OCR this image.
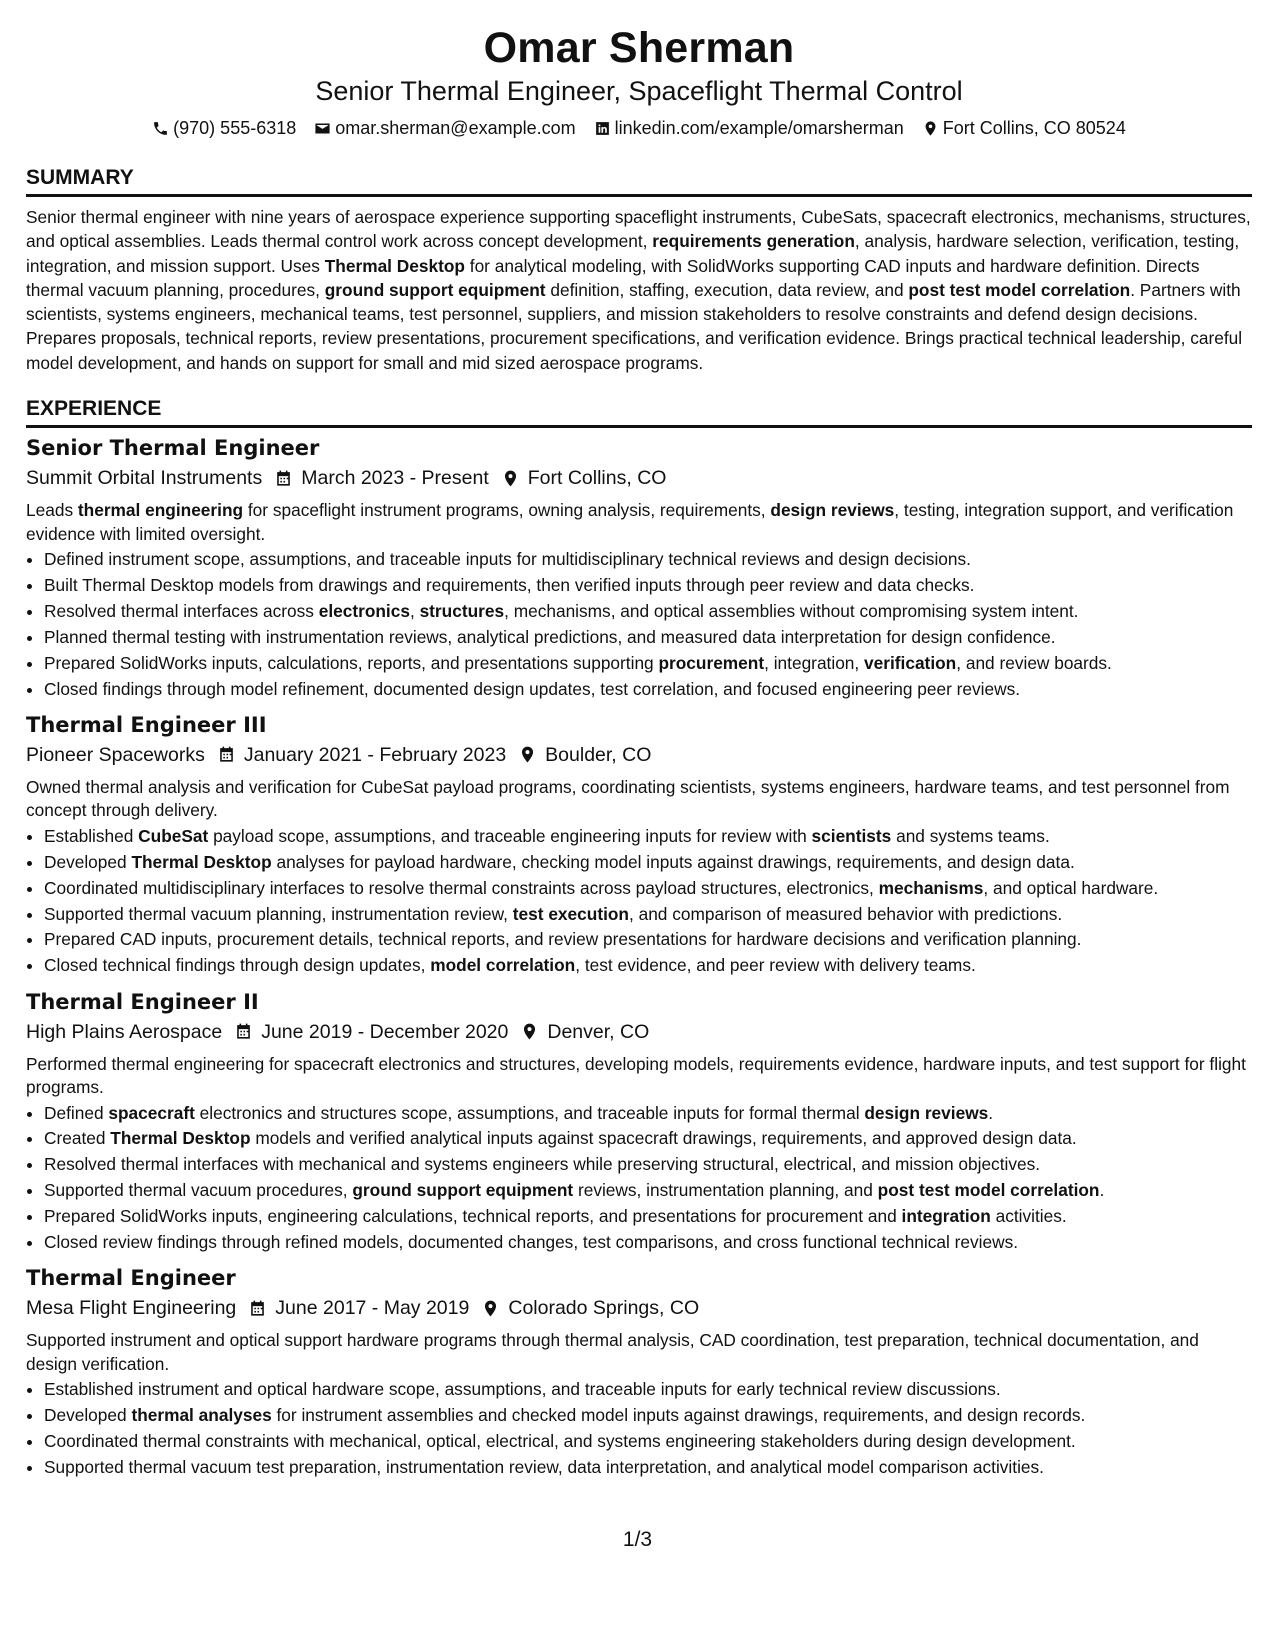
Omar Sherman
Senior Thermal Engineer, Spaceflight Thermal Control
(970) 555-6318 omar.sherman@example.com linkedin.com/example/omarsherman Fort Collins, CO 80524
SUMMARY
Senior thermal engineer with nine years of aerospace experience supporting spaceflight instruments, CubeSats, spacecraft electronics, mechanisms, structures, and optical assemblies. Leads thermal control work across concept development, requirements generation, analysis, hardware selection, verification, testing, integration, and mission support. Uses Thermal Desktop for analytical modeling, with SolidWorks supporting CAD inputs and hardware definition. Directs thermal vacuum planning, procedures, ground support equipment definition, staffing, execution, data review, and post test model correlation. Partners with scientists, systems engineers, mechanical teams, test personnel, suppliers, and mission stakeholders to resolve constraints and defend design decisions. Prepares proposals, technical reports, review presentations, procurement specifications, and verification evidence. Brings practical technical leadership, careful model development, and hands on support for small and mid sized aerospace programs.
EXPERIENCE
Senior Thermal Engineer
Summit Orbital Instruments March 2023 - Present Fort Collins, CO
Leads thermal engineering for spaceflight instrument programs, owning analysis, requirements, design reviews, testing, integration support, and verification evidence with limited oversight.
• Defined instrument scope, assumptions, and traceable inputs for multidisciplinary technical reviews and design decisions.
• Built Thermal Desktop models from drawings and requirements, then verified inputs through peer review and data checks.
• Resolved thermal interfaces across electronics, structures, mechanisms, and optical assemblies without compromising system intent.
• Planned thermal testing with instrumentation reviews, analytical predictions, and measured data interpretation for design confidence.
• Prepared SolidWorks inputs, calculations, reports, and presentations supporting procurement, integration, verification, and review boards.
• Closed findings through model refinement, documented design updates, test correlation, and focused engineering peer reviews.
Thermal Engineer III
Pioneer Spaceworks January 2021 - February 2023 Boulder, CO
Owned thermal analysis and verification for CubeSat payload programs, coordinating scientists, systems engineers, hardware teams, and test personnel from concept through delivery.
• Established CubeSat payload scope, assumptions, and traceable engineering inputs for review with scientists and systems teams.
• Developed Thermal Desktop analyses for payload hardware, checking model inputs against drawings, requirements, and design data.
• Coordinated multidisciplinary interfaces to resolve thermal constraints across payload structures, electronics, mechanisms, and optical hardware.
• Supported thermal vacuum planning, instrumentation review, test execution, and comparison of measured behavior with predictions.
• Prepared CAD inputs, procurement details, technical reports, and review presentations for hardware decisions and verification planning.
• Closed technical findings through design updates, model correlation, test evidence, and peer review with delivery teams.
Thermal Engineer II
High Plains Aerospace June 2019 - December 2020 Denver, CO
Performed thermal engineering for spacecraft electronics and structures, developing models, requirements evidence, hardware inputs, and test support for flight programs.
• Defined spacecraft electronics and structures scope, assumptions, and traceable inputs for formal thermal design reviews.
• Created Thermal Desktop models and verified analytical inputs against spacecraft drawings, requirements, and approved design data.
• Resolved thermal interfaces with mechanical and systems engineers while preserving structural, electrical, and mission objectives.
• Supported thermal vacuum procedures, ground support equipment reviews, instrumentation planning, and post test model correlation.
• Prepared SolidWorks inputs, engineering calculations, technical reports, and presentations for procurement and integration activities.
• Closed review findings through refined models, documented changes, test comparisons, and cross functional technical reviews.
Thermal Engineer
Mesa Flight Engineering June 2017 - May 2019 Colorado Springs, CO
Supported instrument and optical support hardware programs through thermal analysis, CAD coordination, test preparation, technical documentation, and design verification.
• Established instrument and optical hardware scope, assumptions, and traceable inputs for early technical review discussions.
• Developed thermal analyses for instrument assemblies and checked model inputs against drawings, requirements, and design records.
• Coordinated thermal constraints with mechanical, optical, electrical, and systems engineering stakeholders during design development.
• Supported thermal vacuum test preparation, instrumentation review, data interpretation, and analytical model comparison activities.
1/3
